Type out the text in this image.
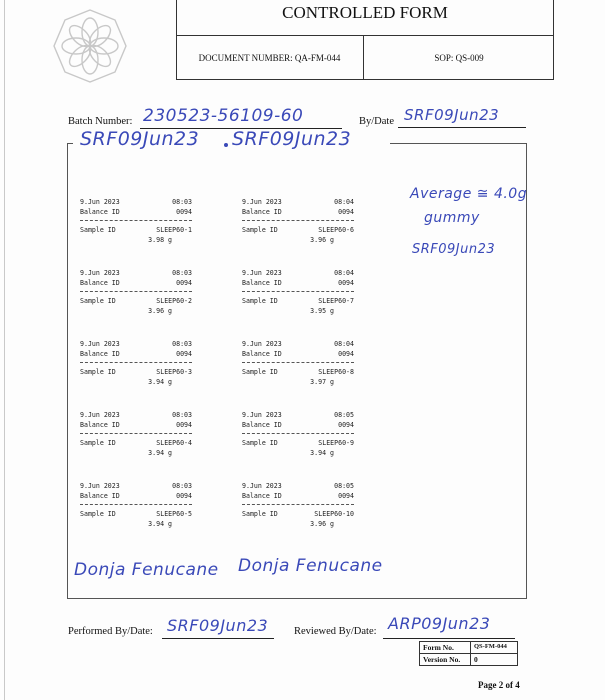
CONTROLLED FORM
DOCUMENT NUMBER: QA-FM-044	SOP: QS-009
Batch Number: 230523-56109-60	By/Date SRF09Jun23
SRF09Jun23 SRF09Jun23
9.Jun 2023	08:03
Balance ID	0094
Sample ID	SLEEP60-1
3.98 g
9.Jun 2023	08:04
Balance ID	0094
Sample ID	SLEEP60-6
3.96 g
9.Jun 2023	08:03
Balance ID	0094
Sample ID	SLEEP60-2
3.96 g
9.Jun 2023	08:04
Balance ID	0094
Sample ID	SLEEP60-7
3.95 g
9.Jun 2023	08:03
Balance ID	0094
Sample ID	SLEEP60-3
3.94 g
9.Jun 2023	08:04
Balance ID	0094
Sample ID	SLEEP60-8
3.97 g
9.Jun 2023	08:03
Balance ID	0094
Sample ID	SLEEP60-4
3.94 g
9.Jun 2023	08:05
Balance ID	0094
Sample ID	SLEEP60-9
3.94 g
9.Jun 2023	08:03
Balance ID	0094
Sample ID	SLEEP60-5
3.94 g
9.Jun 2023	08:05
Balance ID	0094
Sample ID	SLEEP60-10
3.96 g
Average ≅ 4.0g
gummy
SRF09Jun23
Donja Fenucane Donja Fenucane
Performed By/Date: SRF09Jun23 Reviewed By/Date: ARP09Jun23
Form No.	QS-FM-044
Version No.	0
Page 2 of 4
